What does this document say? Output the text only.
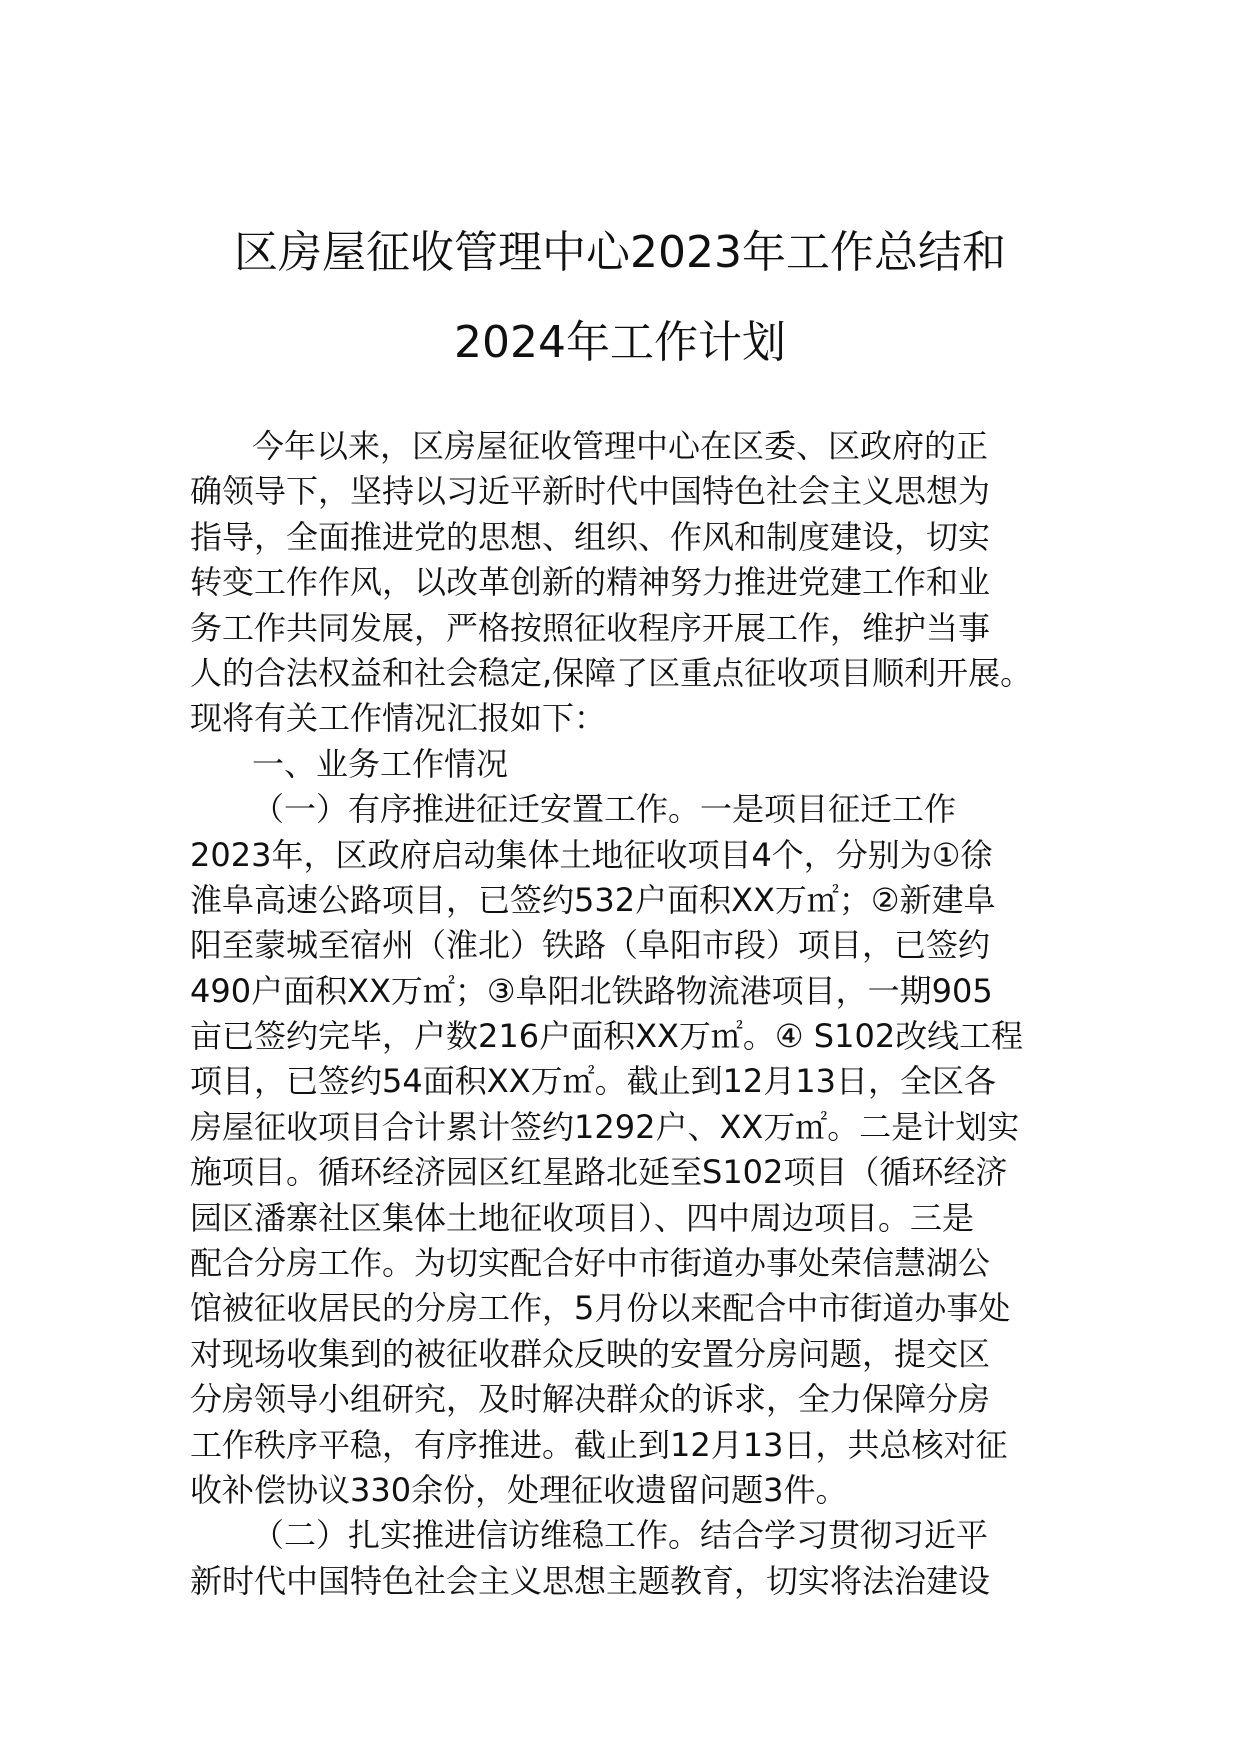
区房屋征收管理中心2023年工作总结和
2024年工作计划
今年以来，区房屋征收管理中心在区委、区政府的正
确领导下，坚持以习近平新时代中国特色社会主义思想为
指导，全面推进党的思想、组织、作风和制度建设，切实
转变工作作风，以改革创新的精神努力推进党建工作和业
务工作共同发展，严格按照征收程序开展工作，维护当事
人的合法权益和社会稳定,保障了区重点征收项目顺利开展。
现将有关工作情况汇报如下：
一、业务工作情况
（一）有序推进征迁安置工作。一是项目征迁工作
2023年，区政府启动集体土地征收项目4个，分别为①徐
淮阜高速公路项目，已签约532户面积XX万㎡；②新建阜
阳至蒙城至宿州（淮北）铁路（阜阳市段）项目，已签约
490户面积XX万㎡；③阜阳北铁路物流港项目，一期905
亩已签约完毕，户数216户面积XX万㎡。④ S102改线工程
项目，已签约54面积XX万㎡。截止到12月13日，全区各
房屋征收项目合计累计签约1292户、XX万㎡。二是计划实
施项目。循环经济园区红星路北延至S102项目（循环经济
园区潘寨社区集体土地征收项目）、四中周边项目。三是
配合分房工作。为切实配合好中市街道办事处荣信慧湖公
馆被征收居民的分房工作，5月份以来配合中市街道办事处
对现场收集到的被征收群众反映的安置分房问题，提交区
分房领导小组研究，及时解决群众的诉求，全力保障分房
工作秩序平稳，有序推进。截止到12月13日，共总核对征
收补偿协议330余份，处理征收遗留问题3件。
（二）扎实推进信访维稳工作。结合学习贯彻习近平
新时代中国特色社会主义思想主题教育，切实将法治建设
